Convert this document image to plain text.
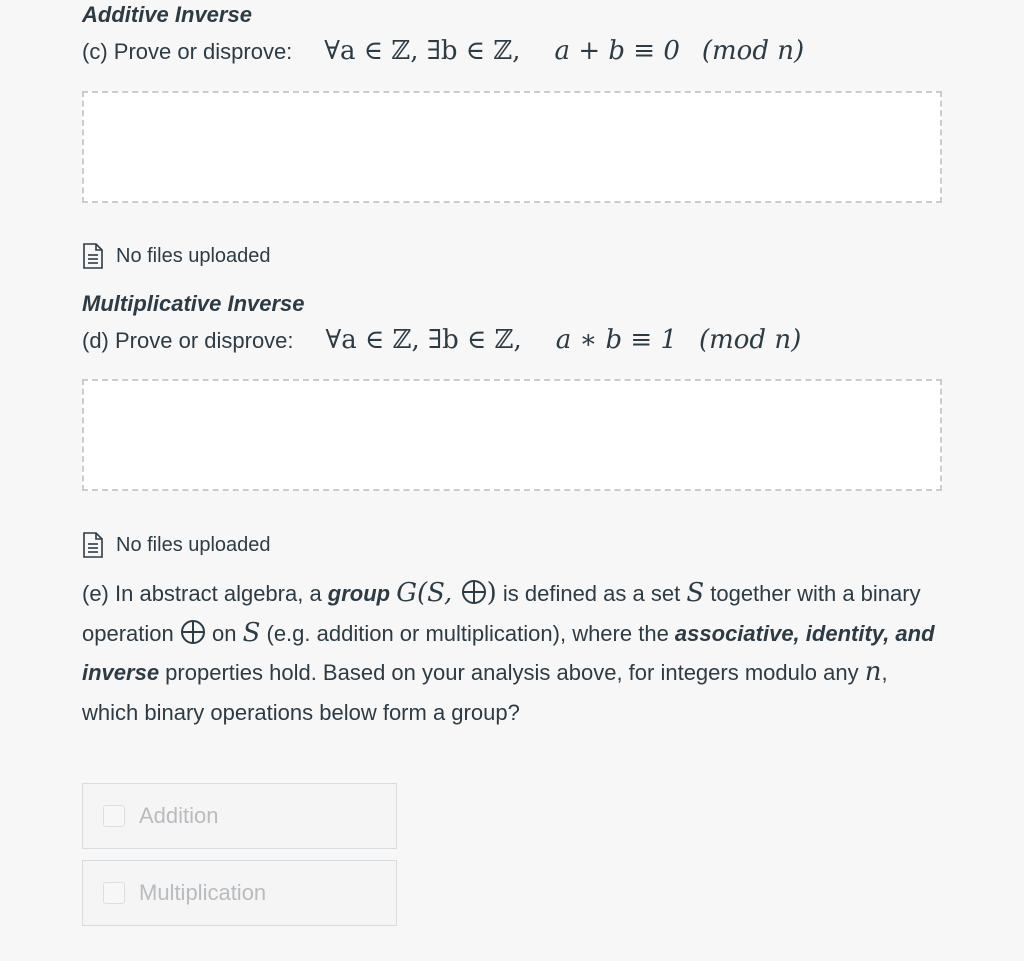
Additive Inverse
(c) Prove or disprove: ∀a ∈ ℤ, ∃b ∈ ℤ, a + b ≡ 0 (mod n)
No files uploaded
Multiplicative Inverse
(d) Prove or disprove: ∀a ∈ ℤ, ∃b ∈ ℤ, a ∗ b ≡ 1 (mod n)
No files uploaded
(e) In abstract algebra, a group G(S, ) is defined as a set S together with a binary operation  on S (e.g. addition or multiplication), where the associative, identity, and inverse properties hold. Based on your analysis above, for integers modulo any n, which binary operations below form a group?
Addition
Multiplication
